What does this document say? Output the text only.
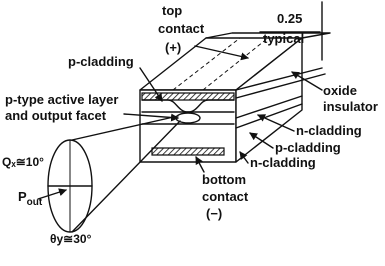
0.25
typical
top
contact
(+)
p-cladding
oxide
insulator
p-type active layer
and output facet
n-cladding
p-cladding
n-cladding
bottom
contact
(−)
Qₓ≅10°
$P_{out}$
θy≅30°
